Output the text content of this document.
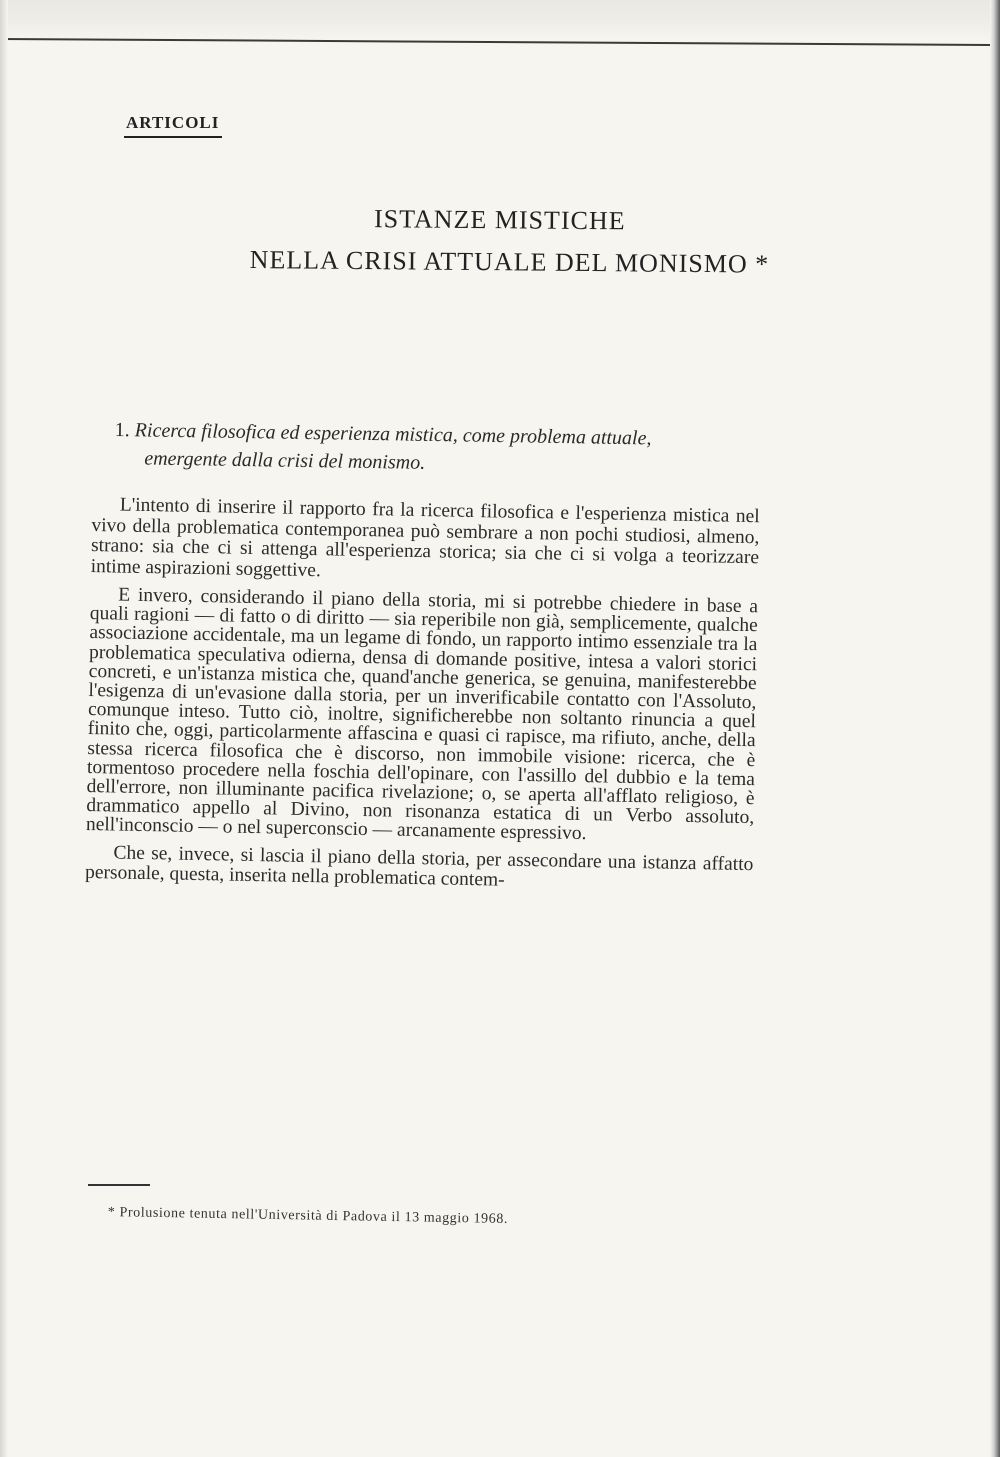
ARTICOLI
ISTANZE MISTICHE
NELLA CRISI ATTUALE DEL MONISMO *
1. Ricerca filosofica ed esperienza mistica, come problema attuale,
emergente dalla crisi del monismo.

L'intento di inserire il rapporto fra la ricerca filosofica e l'esperienza mistica nel vivo della problematica contemporanea può sembrare a non pochi studiosi, almeno, strano: sia che ci si attenga all'esperienza storica; sia che ci si volga a teorizzare intime aspirazioni soggettive.

E invero, considerando il piano della storia, mi si potrebbe chiedere in base a quali ragioni — di fatto o di diritto — sia reperibile non già, semplicemente, qualche associazione accidentale, ma un legame di fondo, un rapporto intimo essenziale tra la problematica speculativa odierna, densa di domande positive, intesa a valori storici concreti, e un'istanza mistica che, quand'anche generica, se genuina, manifesterebbe l'esigenza di un'evasione dalla storia, per un inverificabile contatto con l'Assoluto, comunque inteso. Tutto ciò, inoltre, significherebbe non soltanto rinuncia a quel finito che, oggi, particolarmente affascina e quasi ci rapisce, ma rifiuto, anche, della stessa ricerca filosofica che è discorso, non immobile visione: ricerca, che è tormentoso procedere nella foschia dell'opinare, con l'assillo del dubbio e la tema dell'errore, non illuminante pacifica rivelazione; o, se aperta all'afflato religioso, è drammatico appello al Divino, non risonanza estatica di un Verbo assoluto, nell'inconscio — o nel superconscio — arcanamente espressivo.

Che se, invece, si lascia il piano della storia, per assecondare una istanza affatto personale, questa, inserita nella problematica contem-

* Prolusione tenuta nell'Università di Padova il 13 maggio 1968.
